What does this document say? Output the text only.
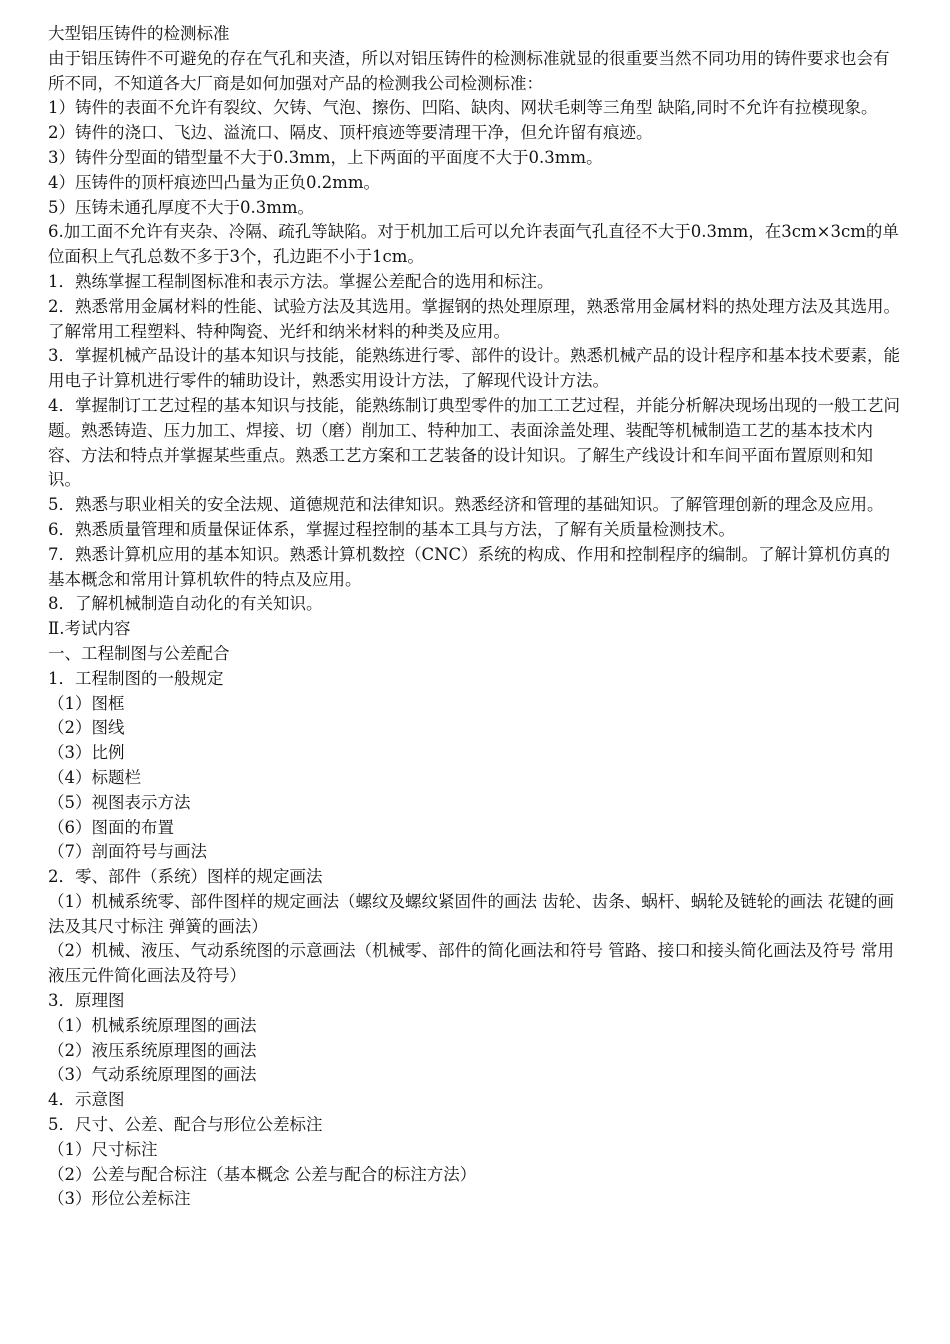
大型铝压铸件的检测标准

由于铝压铸件不可避免的存在气孔和夹渣，所以对铝压铸件的检测标准就显的很重要当然不同功用的铸件要求也会有所不同，不知道各大厂商是如何加强对产品的检测我公司检测标准：

1）铸件的表面不允许有裂纹、欠铸、气泡、擦伤、凹陷、缺肉、网状毛刺等三角型 缺陷,同时不允许有拉模现象。

2）铸件的浇口、飞边、溢流口、隔皮、顶杆痕迹等要清理干净，但允许留有痕迹。

3）铸件分型面的错型量不大于0.3mm，上下两面的平面度不大于0.3mm。

4）压铸件的顶杆痕迹凹凸量为正负0.2mm。

5）压铸未通孔厚度不大于0.3mm。

6.加工面不允许有夹杂、冷隔、疏孔等缺陷。对于机加工后可以允许表面气孔直径不大于0.3mm，在3cm×3cm的单位面积上气孔总数不多于3个，孔边距不小于1cm。

1．熟练掌握工程制图标准和表示方法。掌握公差配合的选用和标注。

2．熟悉常用金属材料的性能、试验方法及其选用。掌握钢的热处理原理，熟悉常用金属材料的热处理方法及其选用。了解常用工程塑料、特种陶瓷、光纤和纳米材料的种类及应用。

3．掌握机械产品设计的基本知识与技能，能熟练进行零、部件的设计。熟悉机械产品的设计程序和基本技术要素，能用电子计算机进行零件的辅助设计，熟悉实用设计方法，了解现代设计方法。

4．掌握制订工艺过程的基本知识与技能，能熟练制订典型零件的加工工艺过程，并能分析解决现场出现的一般工艺问题。熟悉铸造、压力加工、焊接、切（磨）削加工、特种加工、表面涂盖处理、装配等机械制造工艺的基本技术内容、方法和特点并掌握某些重点。熟悉工艺方案和工艺装备的设计知识。了解生产线设计和车间平面布置原则和知识。

5．熟悉与职业相关的安全法规、道德规范和法律知识。熟悉经济和管理的基础知识。了解管理创新的理念及应用。

6．熟悉质量管理和质量保证体系，掌握过程控制的基本工具与方法，了解有关质量检测技术。

7．熟悉计算机应用的基本知识。熟悉计算机数控（CNC）系统的构成、作用和控制程序的编制。了解计算机仿真的基本概念和常用计算机软件的特点及应用。

8．了解机械制造自动化的有关知识。

Ⅱ.考试内容

一、工程制图与公差配合

1．工程制图的一般规定

（1）图框

（2）图线

（3）比例

（4）标题栏

（5）视图表示方法

（6）图面的布置

（7）剖面符号与画法

2．零、部件（系统）图样的规定画法

（1）机械系统零、部件图样的规定画法（螺纹及螺纹紧固件的画法 齿轮、齿条、蜗杆、蜗轮及链轮的画法 花键的画法及其尺寸标注 弹簧的画法）

（2）机械、液压、气动系统图的示意画法（机械零、部件的简化画法和符号 管路、接口和接头简化画法及符号 常用液压元件简化画法及符号）

3．原理图

（1）机械系统原理图的画法

（2）液压系统原理图的画法

（3）气动系统原理图的画法

4．示意图

5．尺寸、公差、配合与形位公差标注

（1）尺寸标注

（2）公差与配合标注（基本概念 公差与配合的标注方法）

（3）形位公差标注
